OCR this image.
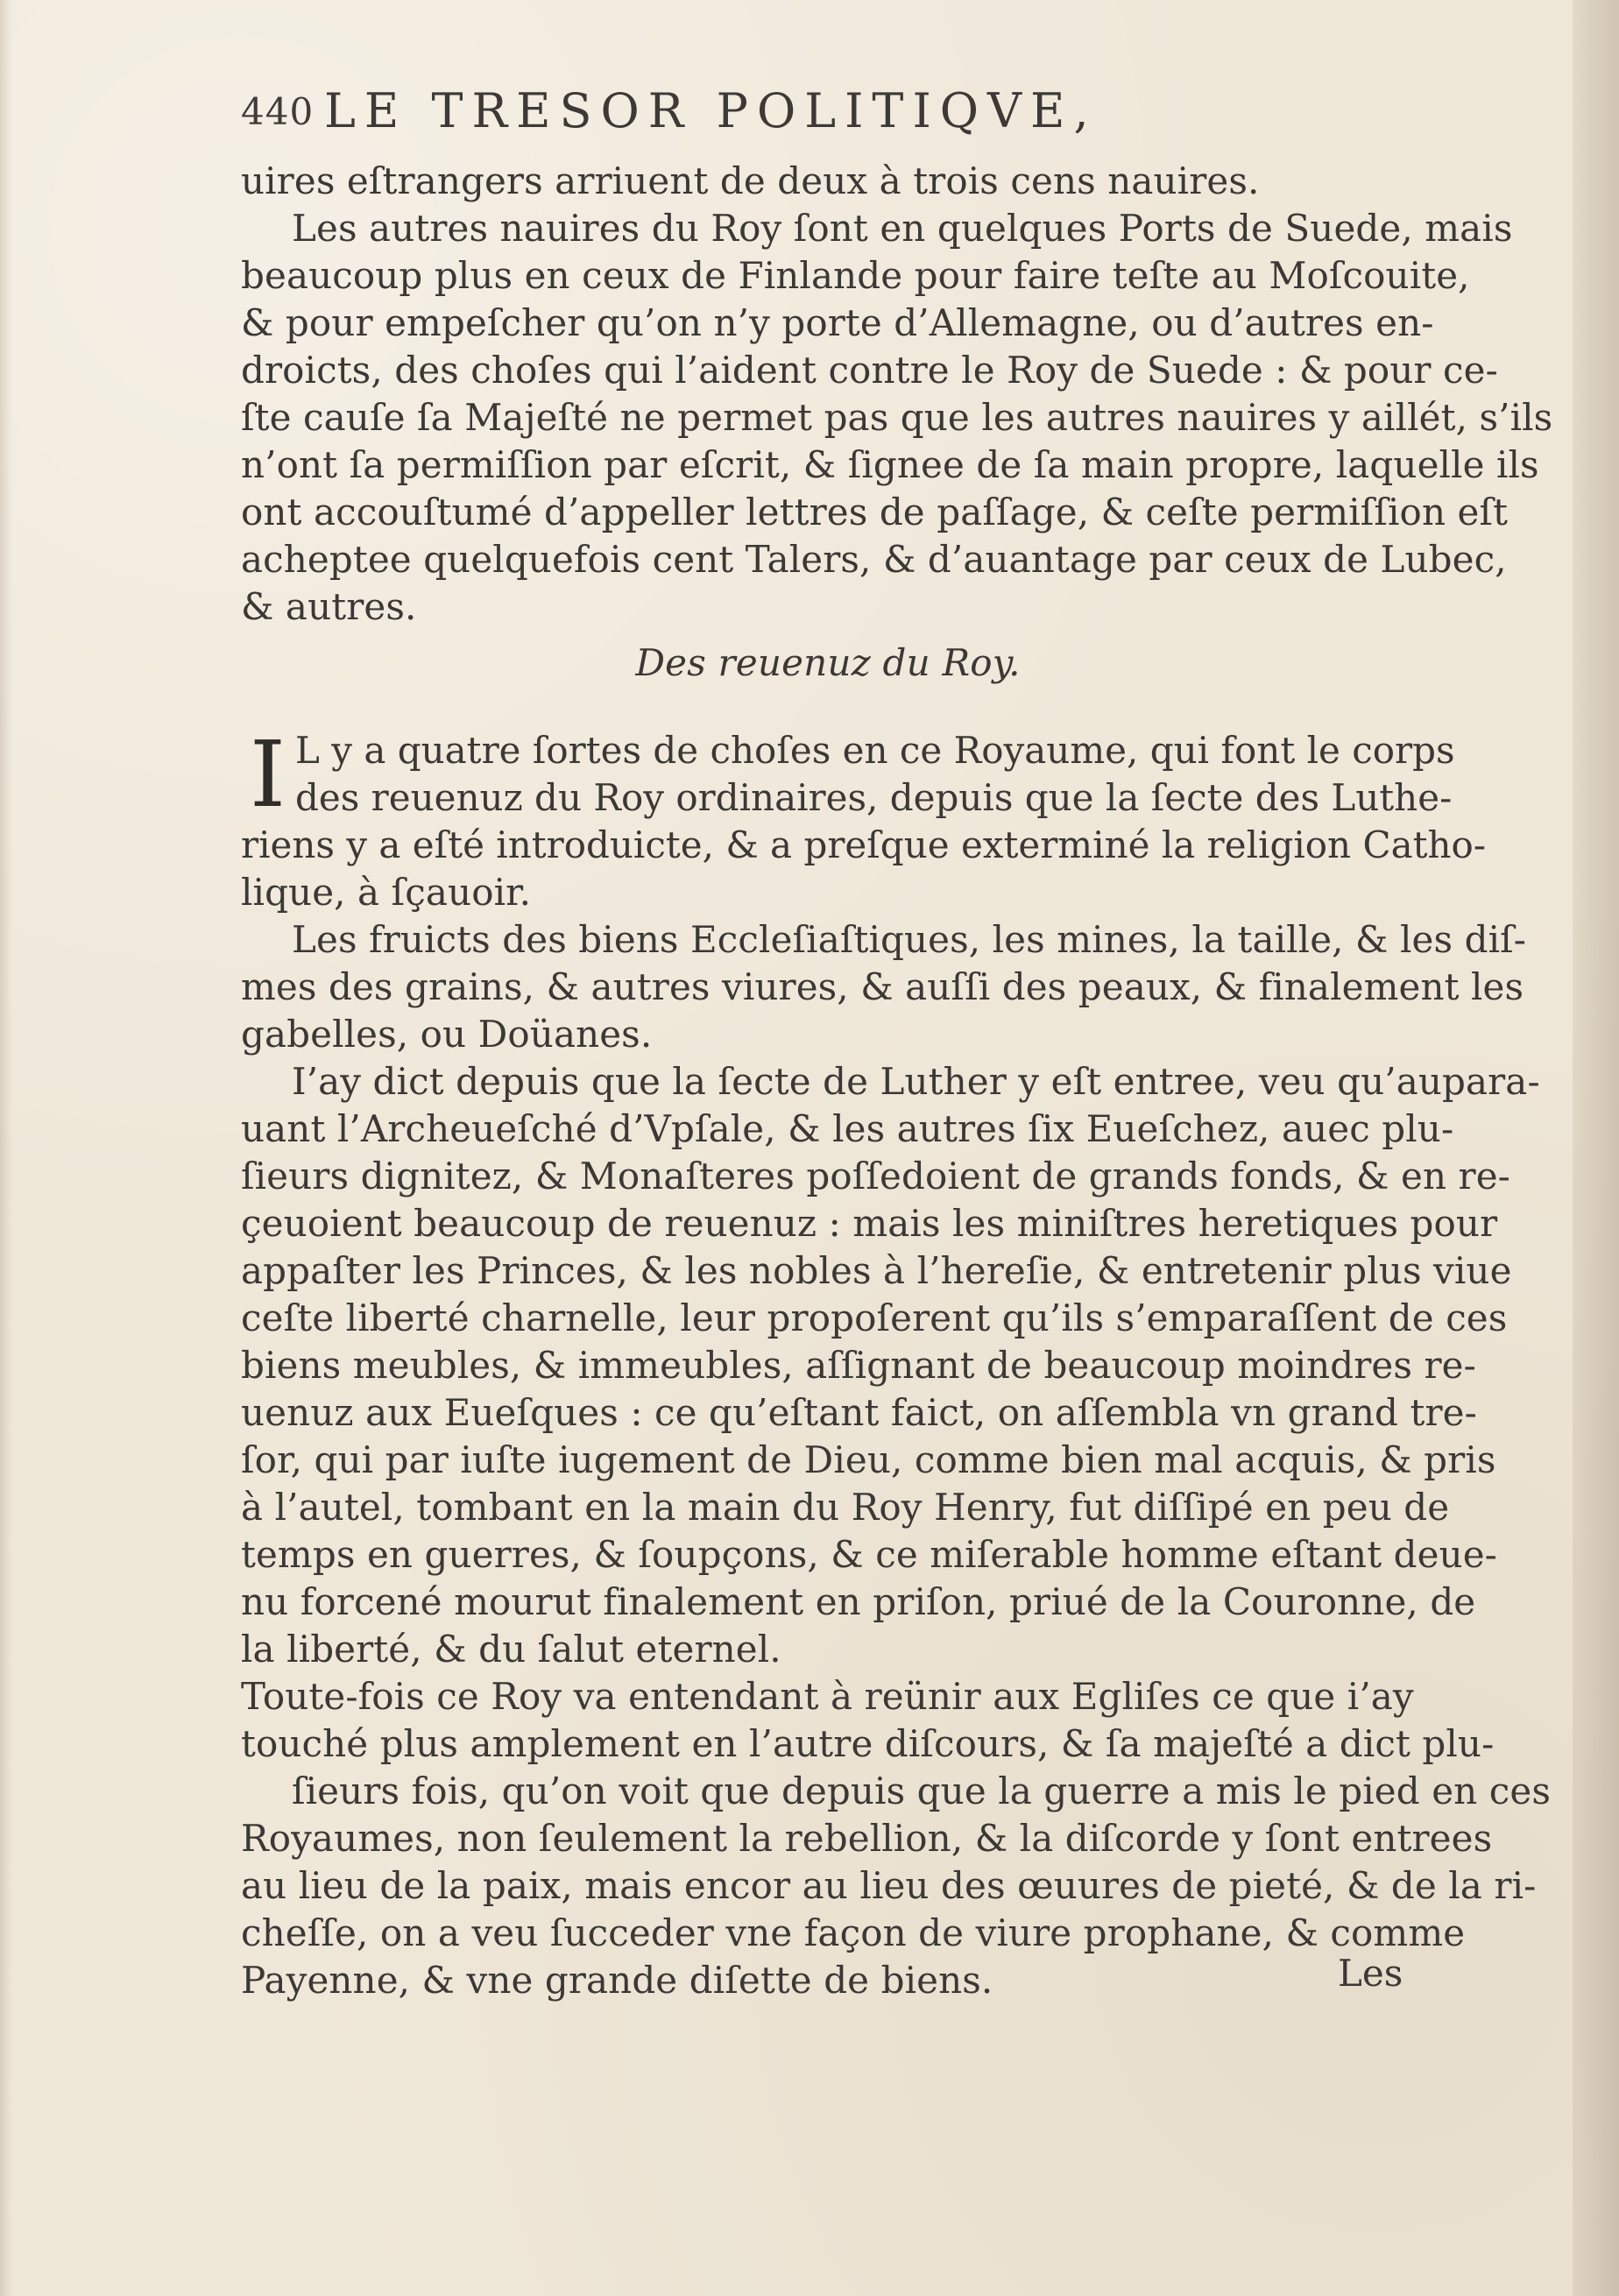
440 LE TRESOR POLITIQVE,
uires eſtrangers arriuent de deux à trois cens nauires.
Les autres nauires du Roy ſont en quelques Ports de Suede, mais
beaucoup plus en ceux de Finlande pour faire teſte au Moſcouite,
& pour empeſcher qu’on n’y porte d’Allemagne, ou d’autres en-
droicts, des choſes qui l’aident contre le Roy de Suede : & pour ce-
ſte cauſe ſa Majeſté ne permet pas que les autres nauires y aillét, s’ils
n’ont ſa permiſſion par eſcrit, & ſignee de ſa main propre, laquelle ils
ont accouſtumé d’appeller lettres de paſſage, & ceſte permiſſion eſt
acheptee quelquefois cent Talers, & d’auantage par ceux de Lubec,
& autres.
Des reuenuz du Roy.
I L y a quatre ſortes de choſes en ce Royaume, qui font le corps
des reuenuz du Roy ordinaires, depuis que la ſecte des Luthe-
riens y a eſté introduicte, & a preſque exterminé la religion Catho-
lique, à ſçauoir.
Les fruicts des biens Eccleſiaſtiques, les mines, la taille, & les diſ-
mes des grains, & autres viures, & auſſi des peaux, & finalement les
gabelles, ou Doüanes.
I’ay dict depuis que la ſecte de Luther y eſt entree, veu qu’aupara-
uant l’Archeueſché d’Vpſale, & les autres ſix Eueſchez, auec plu-
ſieurs dignitez, & Monaſteres poſſedoient de grands fonds, & en re-
çeuoient beaucoup de reuenuz : mais les miniſtres heretiques pour
appaſter les Princes, & les nobles à l’hereſie, & entretenir plus viue
ceſte liberté charnelle, leur propoſerent qu’ils s’emparaſſent de ces
biens meubles, & immeubles, aſſignant de beaucoup moindres re-
uenuz aux Eueſques : ce qu’eſtant faict, on aſſembla vn grand tre-
ſor, qui par iuſte iugement de Dieu, comme bien mal acquis, & pris
à l’autel, tombant en la main du Roy Henry, fut diſſipé en peu de
temps en guerres, & ſoupçons, & ce miſerable homme eſtant deue-
nu forcené mourut finalement en priſon, priué de la Couronne, de
la liberté, & du ſalut eternel.
Toute-fois ce Roy va entendant à reünir aux Egliſes ce que i’ay
touché plus amplement en l’autre diſcours, & ſa majeſté a dict plu-
ſieurs fois, qu’on voit que depuis que la guerre a mis le pied en ces
Royaumes, non ſeulement la rebellion, & la diſcorde y ſont entrees
au lieu de la paix, mais encor au lieu des œuures de pieté, & de la ri-
cheſſe, on a veu ſucceder vne façon de viure prophane, & comme
Payenne, & vne grande diſette de biens.	Les
